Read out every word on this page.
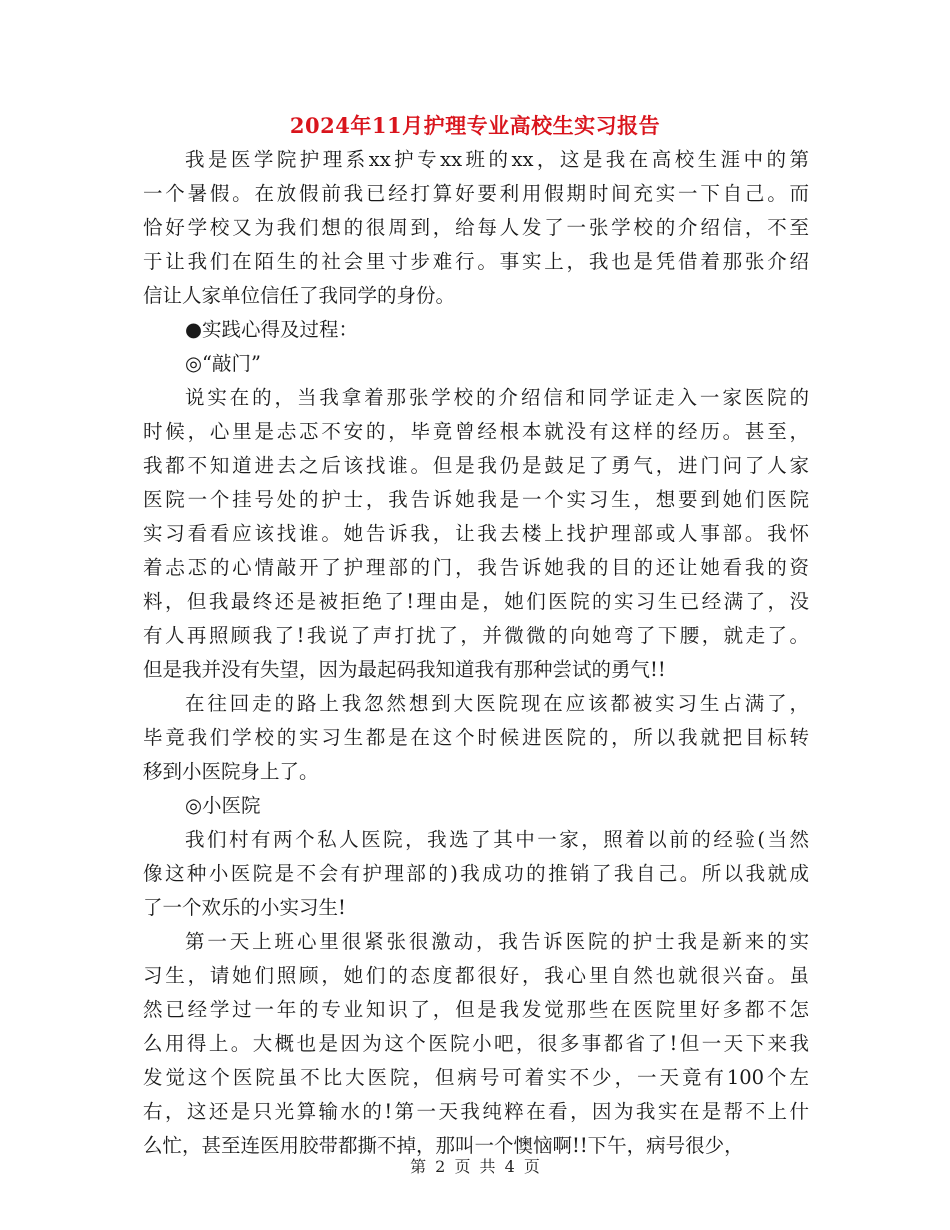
2024年11月护理专业高校生实习报告
我是医学院护理系xx护专xx班的xx，这是我在高校生涯中的第
一个暑假。在放假前我已经打算好要利用假期时间充实一下自己。而
恰好学校又为我们想的很周到，给每人发了一张学校的介绍信，不至
于让我们在陌生的社会里寸步难行。事实上，我也是凭借着那张介绍
信让人家单位信任了我同学的身份。
●实践心得及过程：
◎“敲门”
说实在的，当我拿着那张学校的介绍信和同学证走入一家医院的
时候，心里是忐忑不安的，毕竟曾经根本就没有这样的经历。甚至，
我都不知道进去之后该找谁。但是我仍是鼓足了勇气，进门问了人家
医院一个挂号处的护士，我告诉她我是一个实习生，想要到她们医院
实习看看应该找谁。她告诉我，让我去楼上找护理部或人事部。我怀
着忐忑的心情敲开了护理部的门，我告诉她我的目的还让她看我的资
料，但我最终还是被拒绝了!理由是，她们医院的实习生已经满了，没
有人再照顾我了!我说了声打扰了，并微微的向她弯了下腰，就走了。
但是我并没有失望，因为最起码我知道我有那种尝试的勇气!!
在往回走的路上我忽然想到大医院现在应该都被实习生占满了，
毕竟我们学校的实习生都是在这个时候进医院的，所以我就把目标转
移到小医院身上了。
◎小医院
我们村有两个私人医院，我选了其中一家，照着以前的经验(当然
像这种小医院是不会有护理部的)我成功的推销了我自己。所以我就成
了一个欢乐的小实习生!
第一天上班心里很紧张很激动，我告诉医院的护士我是新来的实
习生，请她们照顾，她们的态度都很好，我心里自然也就很兴奋。虽
然已经学过一年的专业知识了，但是我发觉那些在医院里好多都不怎
么用得上。大概也是因为这个医院小吧，很多事都省了!但一天下来我
发觉这个医院虽不比大医院，但病号可着实不少，一天竟有100个左
右，这还是只光算输水的!第一天我纯粹在看，因为我实在是帮不上什
么忙，甚至连医用胶带都撕不掉，那叫一个懊恼啊!!下午，病号很少，
第 2 页 共 4 页
